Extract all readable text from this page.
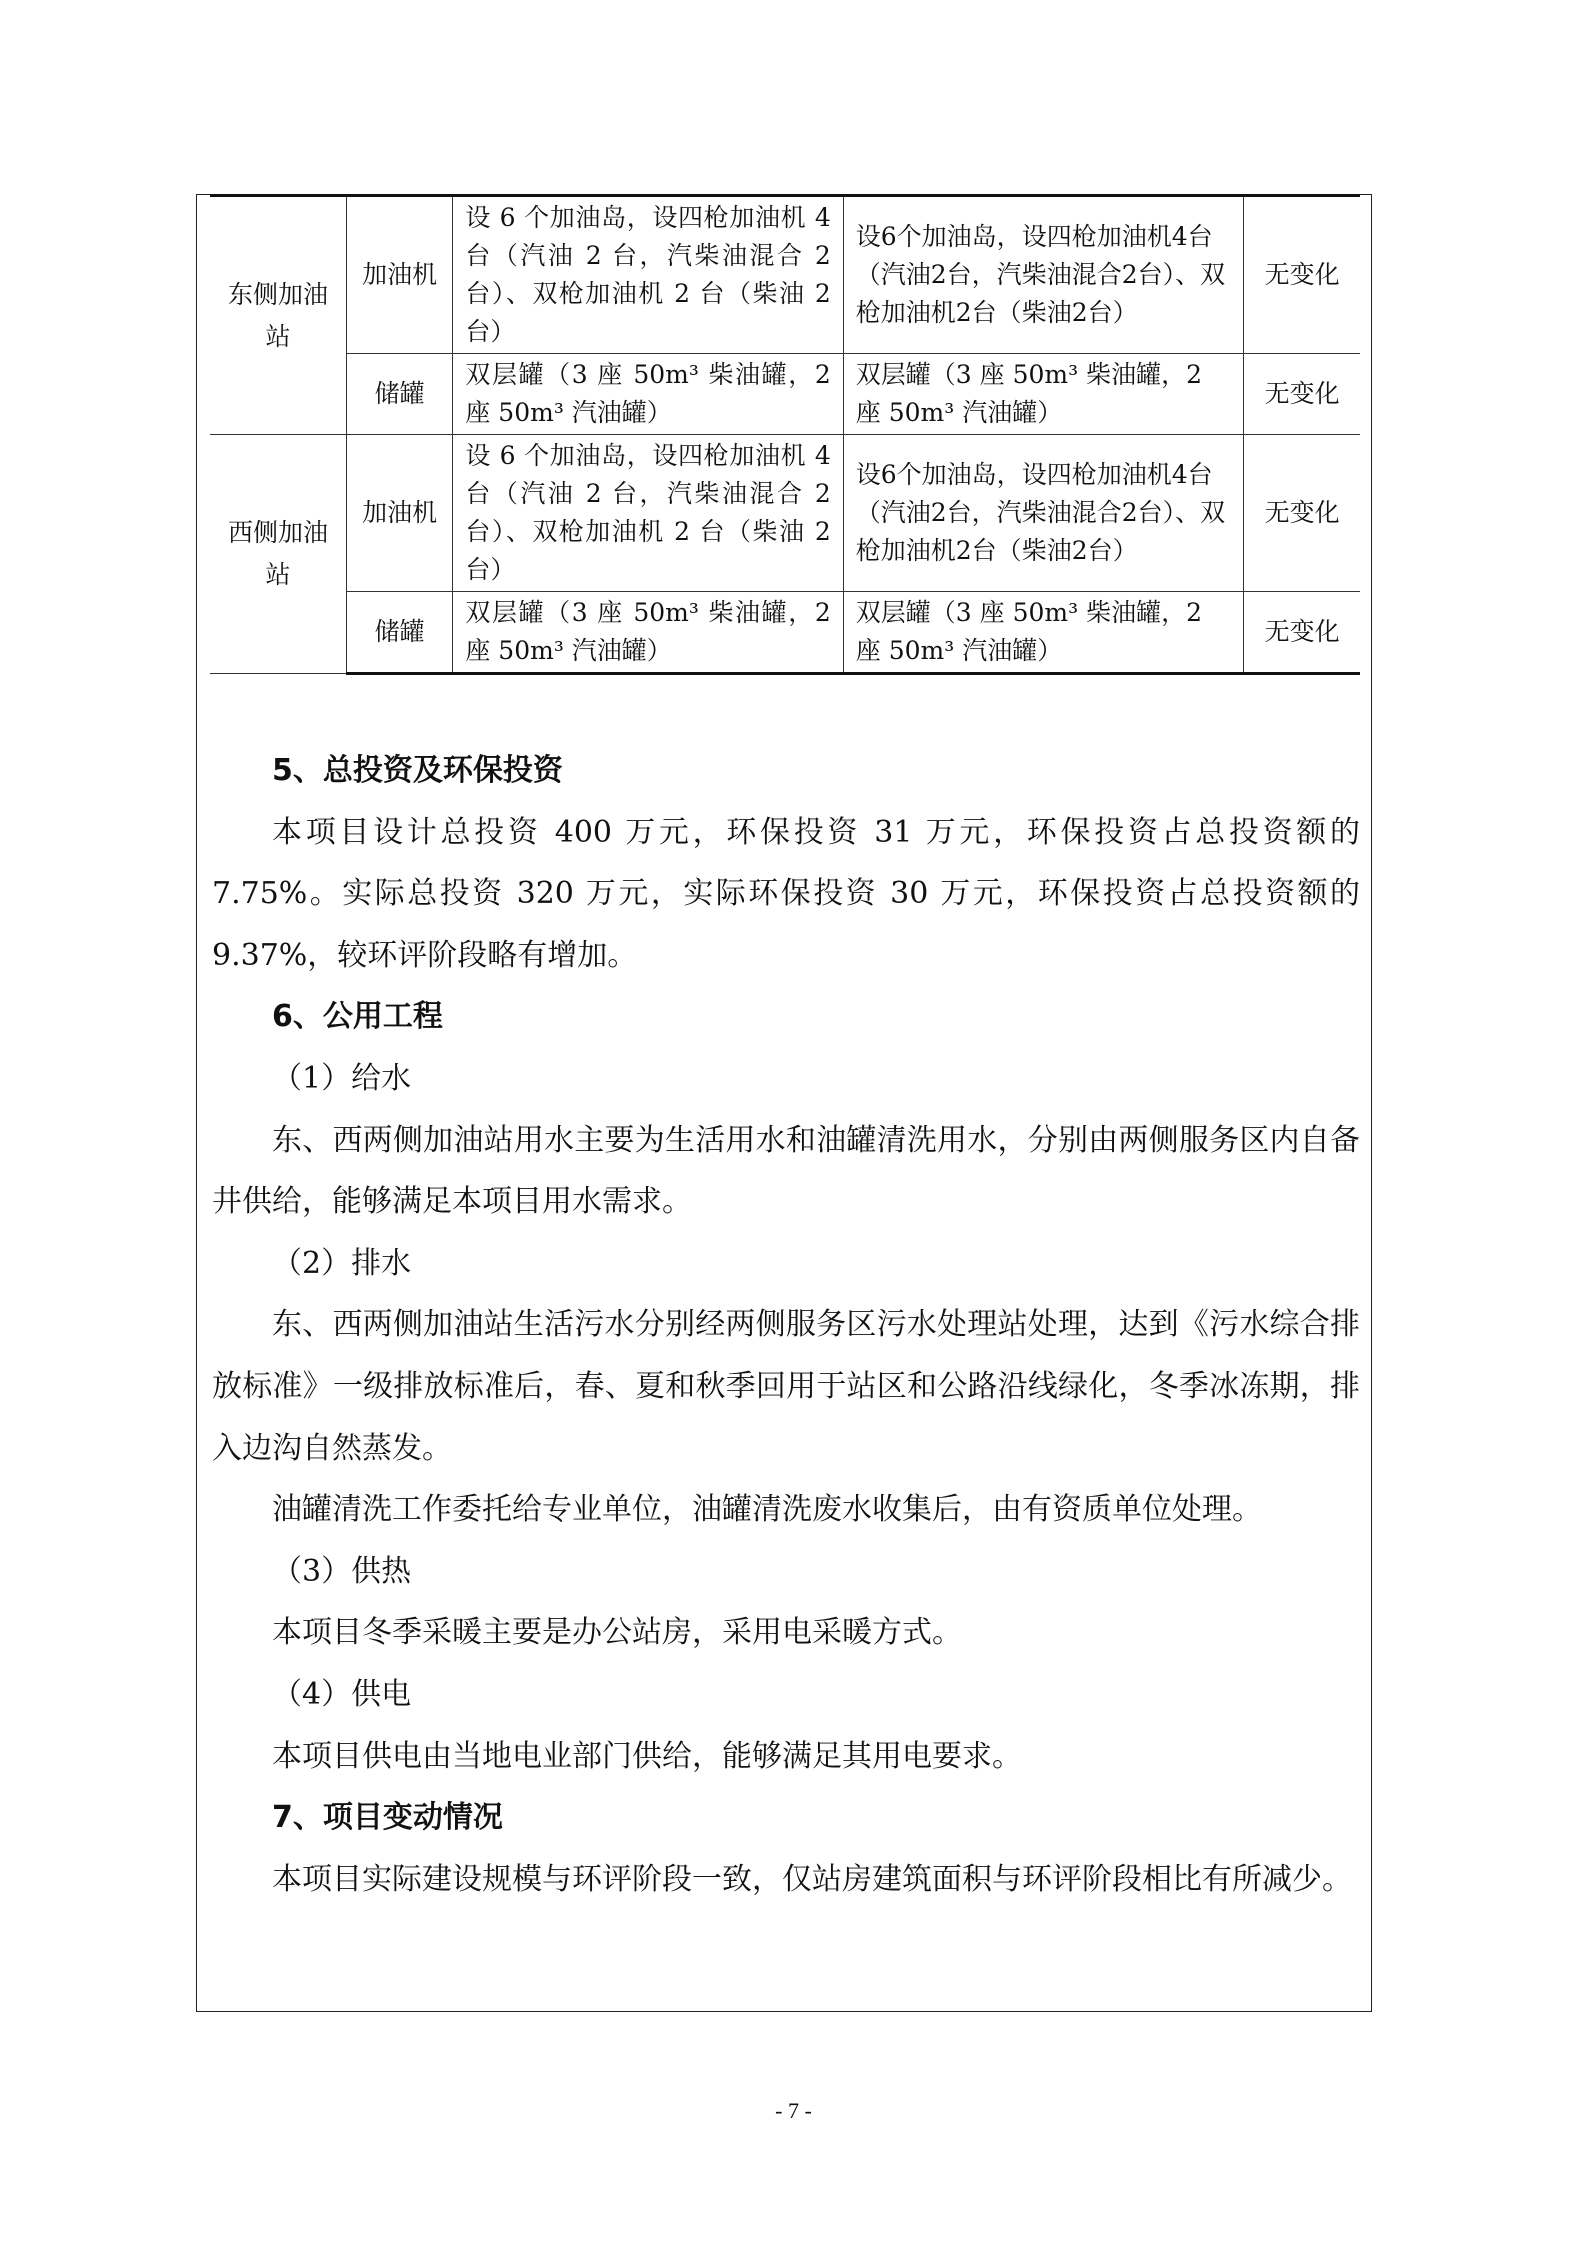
东侧加油站	加油机	设 6 个加油岛，设四枪加油机 4 台（汽油 2 台，汽柴油混合 2 台）、双枪加油机 2 台（柴油 2 台）	设6个加油岛，设四枪加油机4台（汽油2台，汽柴油混合2台）、双枪加油机2台（柴油2台）	无变化
	储罐	双层罐（3 座 50m³ 柴油罐，2 座 50m³ 汽油罐）	双层罐（3 座 50m³ 柴油罐，2 座 50m³ 汽油罐）	无变化
西侧加油站	加油机	设 6 个加油岛，设四枪加油机 4 台（汽油 2 台，汽柴油混合 2 台）、双枪加油机 2 台（柴油 2 台）	设6个加油岛，设四枪加油机4台（汽油2台，汽柴油混合2台）、双枪加油机2台（柴油2台）	无变化
	储罐	双层罐（3 座 50m³ 柴油罐，2 座 50m³ 汽油罐）	双层罐（3 座 50m³ 柴油罐，2 座 50m³ 汽油罐）	无变化
5、总投资及环保投资

本项目设计总投资 400 万元，环保投资 31 万元，环保投资占总投资额的 7.75%。实际总投资 320 万元，实际环保投资 30 万元，环保投资占总投资额的 9.37%，较环评阶段略有增加。

6、公用工程

（1）给水

东、西两侧加油站用水主要为生活用水和油罐清洗用水，分别由两侧服务区内自备井供给，能够满足本项目用水需求。

（2）排水

东、西两侧加油站生活污水分别经两侧服务区污水处理站处理，达到《污水综合排放标准》一级排放标准后，春、夏和秋季回用于站区和公路沿线绿化，冬季冰冻期，排入边沟自然蒸发。

油罐清洗工作委托给专业单位，油罐清洗废水收集后，由有资质单位处理。

（3）供热

本项目冬季采暖主要是办公站房，采用电采暖方式。

（4）供电

本项目供电由当地电业部门供给，能够满足其用电要求。

7、项目变动情况

本项目实际建设规模与环评阶段一致，仅站房建筑面积与环评阶段相比有所减少。

- 7 -
